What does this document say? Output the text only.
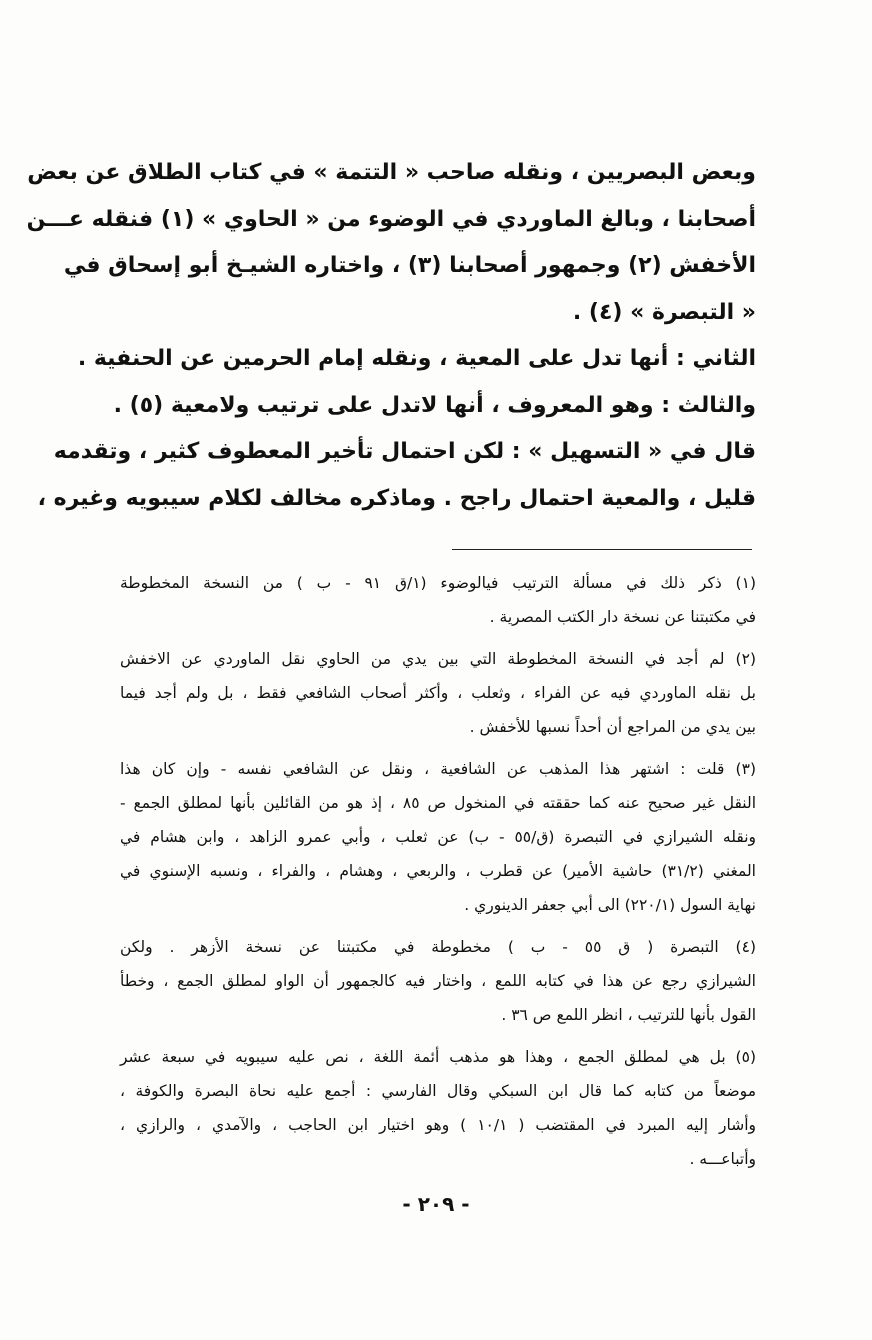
وبعض البصريين ، ونقله صاحب « التتمة » في كتاب الطلاق عن بعض
أصحابنا ، وبالغ الماوردي في الوضوء من « الحاوي » (١) فنقله عـــن
الأخفش (٢) وجمهور أصحابنا (٣) ، واختاره الشيـخ أبو إسحاق في
« التبصرة » (٤) .
الثاني : أنها تدل على المعية ، ونقله إمام الحرمين عن الحنفية .
والثالث : وهو المعروف ، أنها لاتدل على ترتيب ولامعية (٥) .
قال في « التسهيل » : لكن احتمال تأخير المعطوف كثير ، وتقدمه
قليل ، والمعية احتمال راجح . وماذكره مخالف لكلام سيبويه وغيره ،
(١) ذكر ذلك في مسألة الترتيب فيالوضوء (١/ق ٩١ - ب ) من النسخة المخطوطة
في مكتبتنا عن نسخة دار الكتب المصرية .
(٢) لم أجد في النسخة المخطوطة التي بين يدي من الحاوي نقل الماوردي عن الاخفش
بل نقله الماوردي فيه عن الفراء ، وثعلب ، وأكثر أصحاب الشافعي فقط ، بل ولم أجد فيما
بين يدي من المراجع أن أحداً نسبها للأخفش .
(٣) قلت : اشتهر هذا المذهب عن الشافعية ، ونقل عن الشافعي نفسه - وإن كان هذا
النقل غير صحيح عنه كما حققته في المنخول ص ٨٥ ، إذ هو من القائلين بأنها لمطلق الجمع -
ونقله الشيرازي في التبصرة (ق/٥٥ - ب) عن ثعلب ، وأبي عمرو الزاهد ، وابن هشام في
المغني (٣١/٢) حاشية الأمير) عن قطرب ، والربعي ، وهشام ، والفراء ، ونسبه الإسنوي في
نهاية السول (٢٢٠/١) الى أبي جعفر الدينوري .
(٤) التبصرة ( ق ٥٥ - ب ) مخطوطة في مكتبتنا عن نسخة الأزهر . ولكن
الشيرازي رجع عن هذا في كتابه اللمع ، واختار فيه كالجمهور أن الواو لمطلق الجمع ، وخطأ
القول بأنها للترتيب ، انظر اللمع ص ٣٦ .
(٥) بل هي لمطلق الجمع ، وهذا هو مذهب أئمة اللغة ، نص عليه سيبويه في سبعة عشر
موضعاً من كتابه كما قال ابن السبكي وقال الفارسي : أجمع عليه نحاة البصرة والكوفة ،
وأشار إليه المبرد في المقتضب ( ١٠/١ ) وهو اختيار ابن الحاجب ، والآمدي ، والرازي ،
وأتباعـــه .
- ٢٠٩ -
